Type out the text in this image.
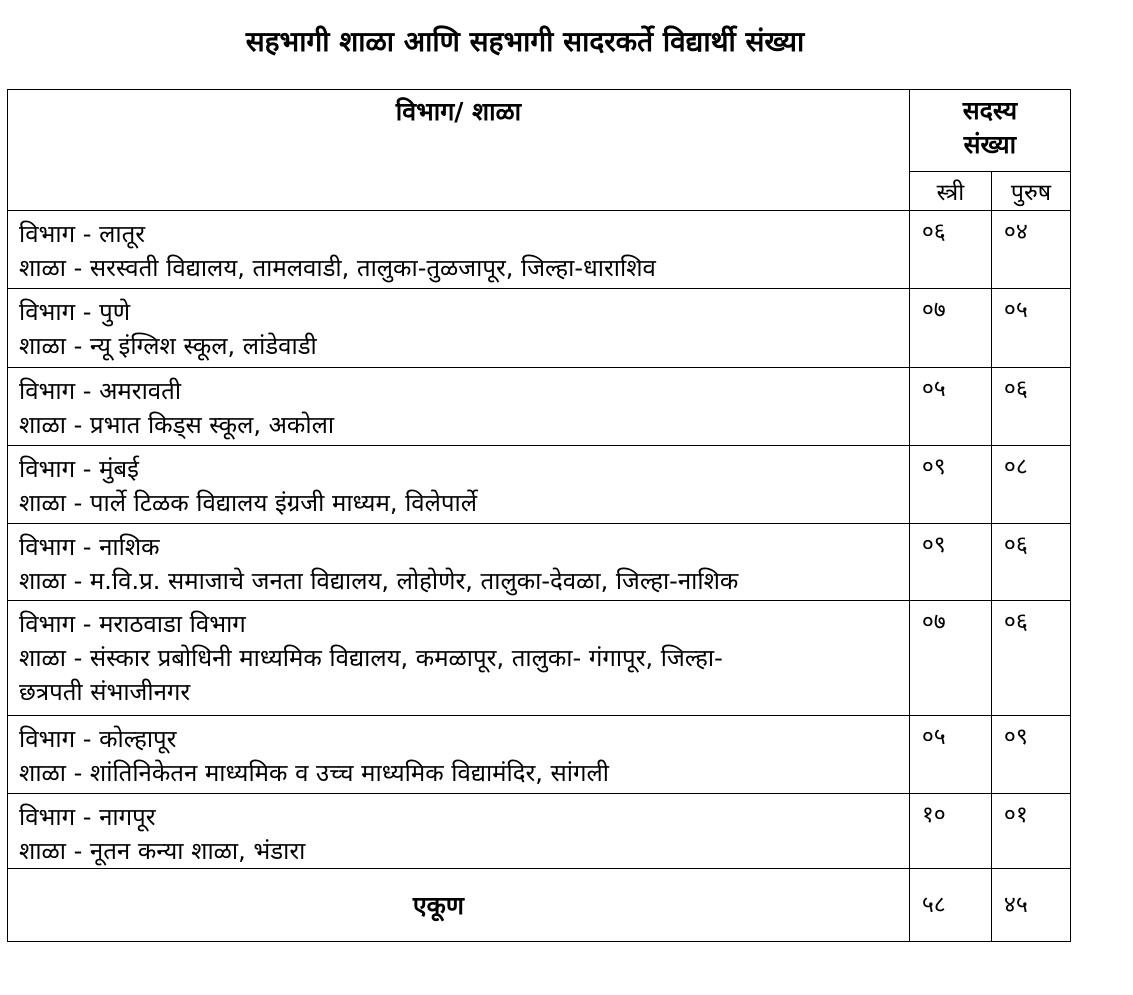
सहभागी शाळा आणि सहभागी सादरकर्ते विद्यार्थी संख्या
विभाग/ शाळा	सदस्य
संख्या	

	स्त्री	पुरुष

विभाग - लातूर
शाळा - सरस्वती विद्यालय, तामलवाडी, तालुका-तुळजापूर, जिल्हा-धाराशिव	०६	०४

विभाग - पुणे
शाळा - न्यू इंग्लिश स्कूल, लांडेवाडी	०७	०५

विभाग - अमरावती
शाळा - प्रभात किड्स स्कूल, अकोला	०५	०६

विभाग - मुंबई
शाळा - पार्ले टिळक विद्यालय इंग्रजी माध्यम, विलेपार्ले	०९	०८

विभाग - नाशिक
शाळा - म.वि.प्र. समाजाचे जनता विद्यालय, लोहोणेर, तालुका-देवळा, जिल्हा-नाशिक	०९	०६

विभाग - मराठवाडा विभाग
शाळा - संस्कार प्रबोधिनी माध्यमिक विद्यालय, कमळापूर, तालुका- गंगापूर, जिल्हा-
छत्रपती संभाजीनगर	०७	०६

विभाग - कोल्हापूर
शाळा - शांतिनिकेतन माध्यमिक व उच्च माध्यमिक विद्यामंदिर, सांगली	०५	०९

विभाग - नागपूर
शाळा - नूतन कन्या शाळा, भंडारा	१०	०१
एकूण	५८	४५
